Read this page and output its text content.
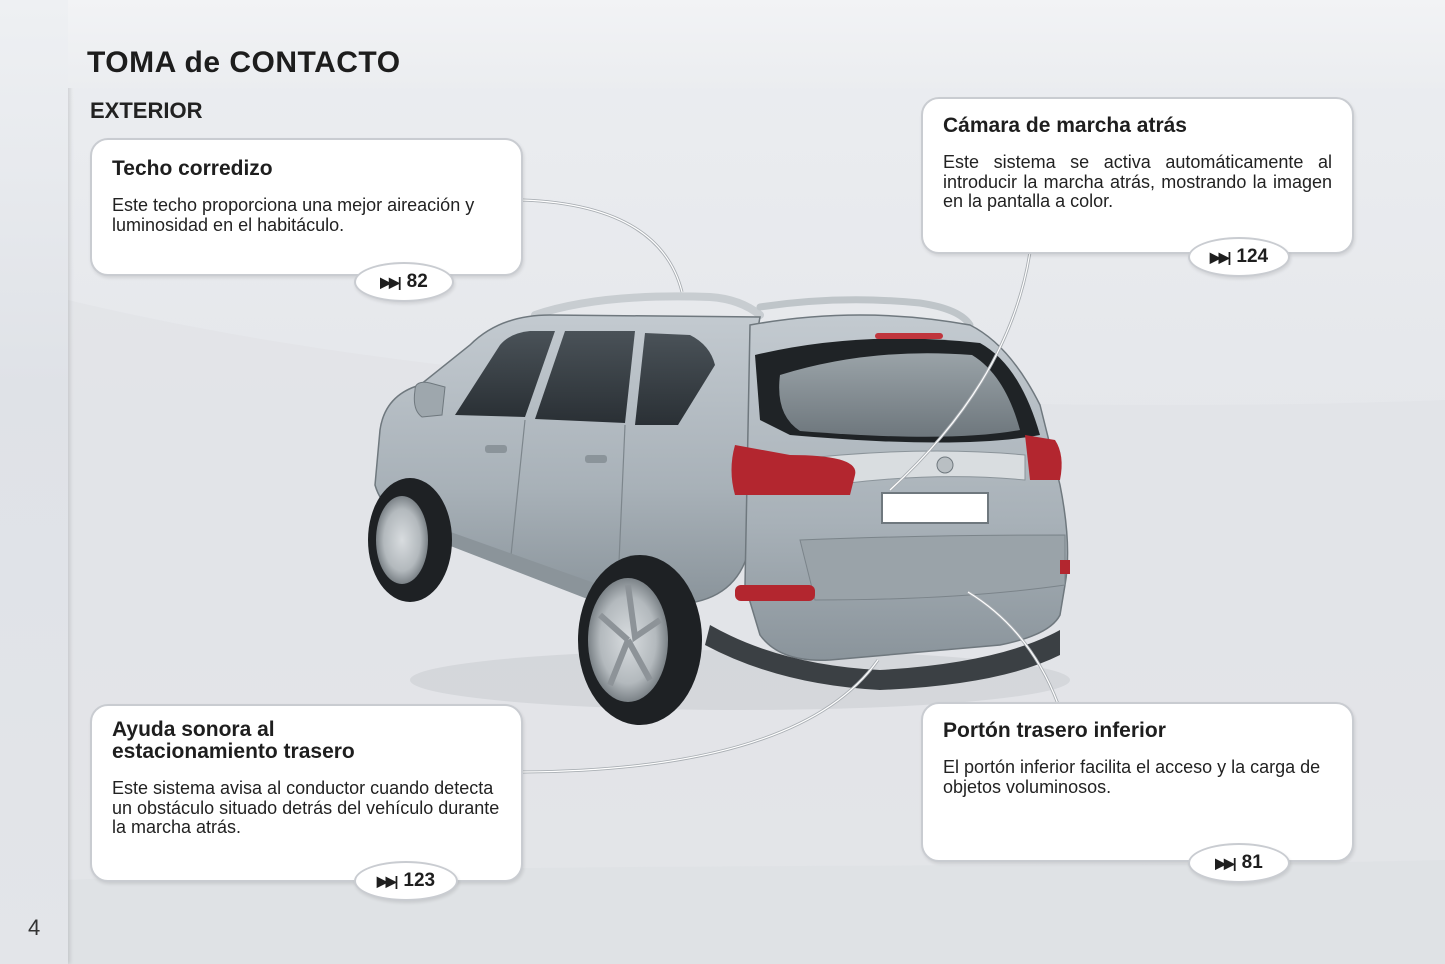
TOMA de CONTACTO
EXTERIOR
4
Techo corredizo

Este techo proporciona una mejor aireación y luminosidad en el habitáculo.

▶▶| 82
Cámara de marcha atrás

Este sistema se activa automáticamente al introducir la marcha atrás, mostrando la imagen en la pantalla a color.

▶▶| 124
Ayuda sonora al
estacionamiento trasero

Este sistema avisa al conductor cuando detecta un obstáculo situado detrás del vehículo durante la marcha atrás.

▶▶| 123
Portón trasero inferior

El portón inferior facilita el acceso y la carga de objetos voluminosos.

▶▶| 81
